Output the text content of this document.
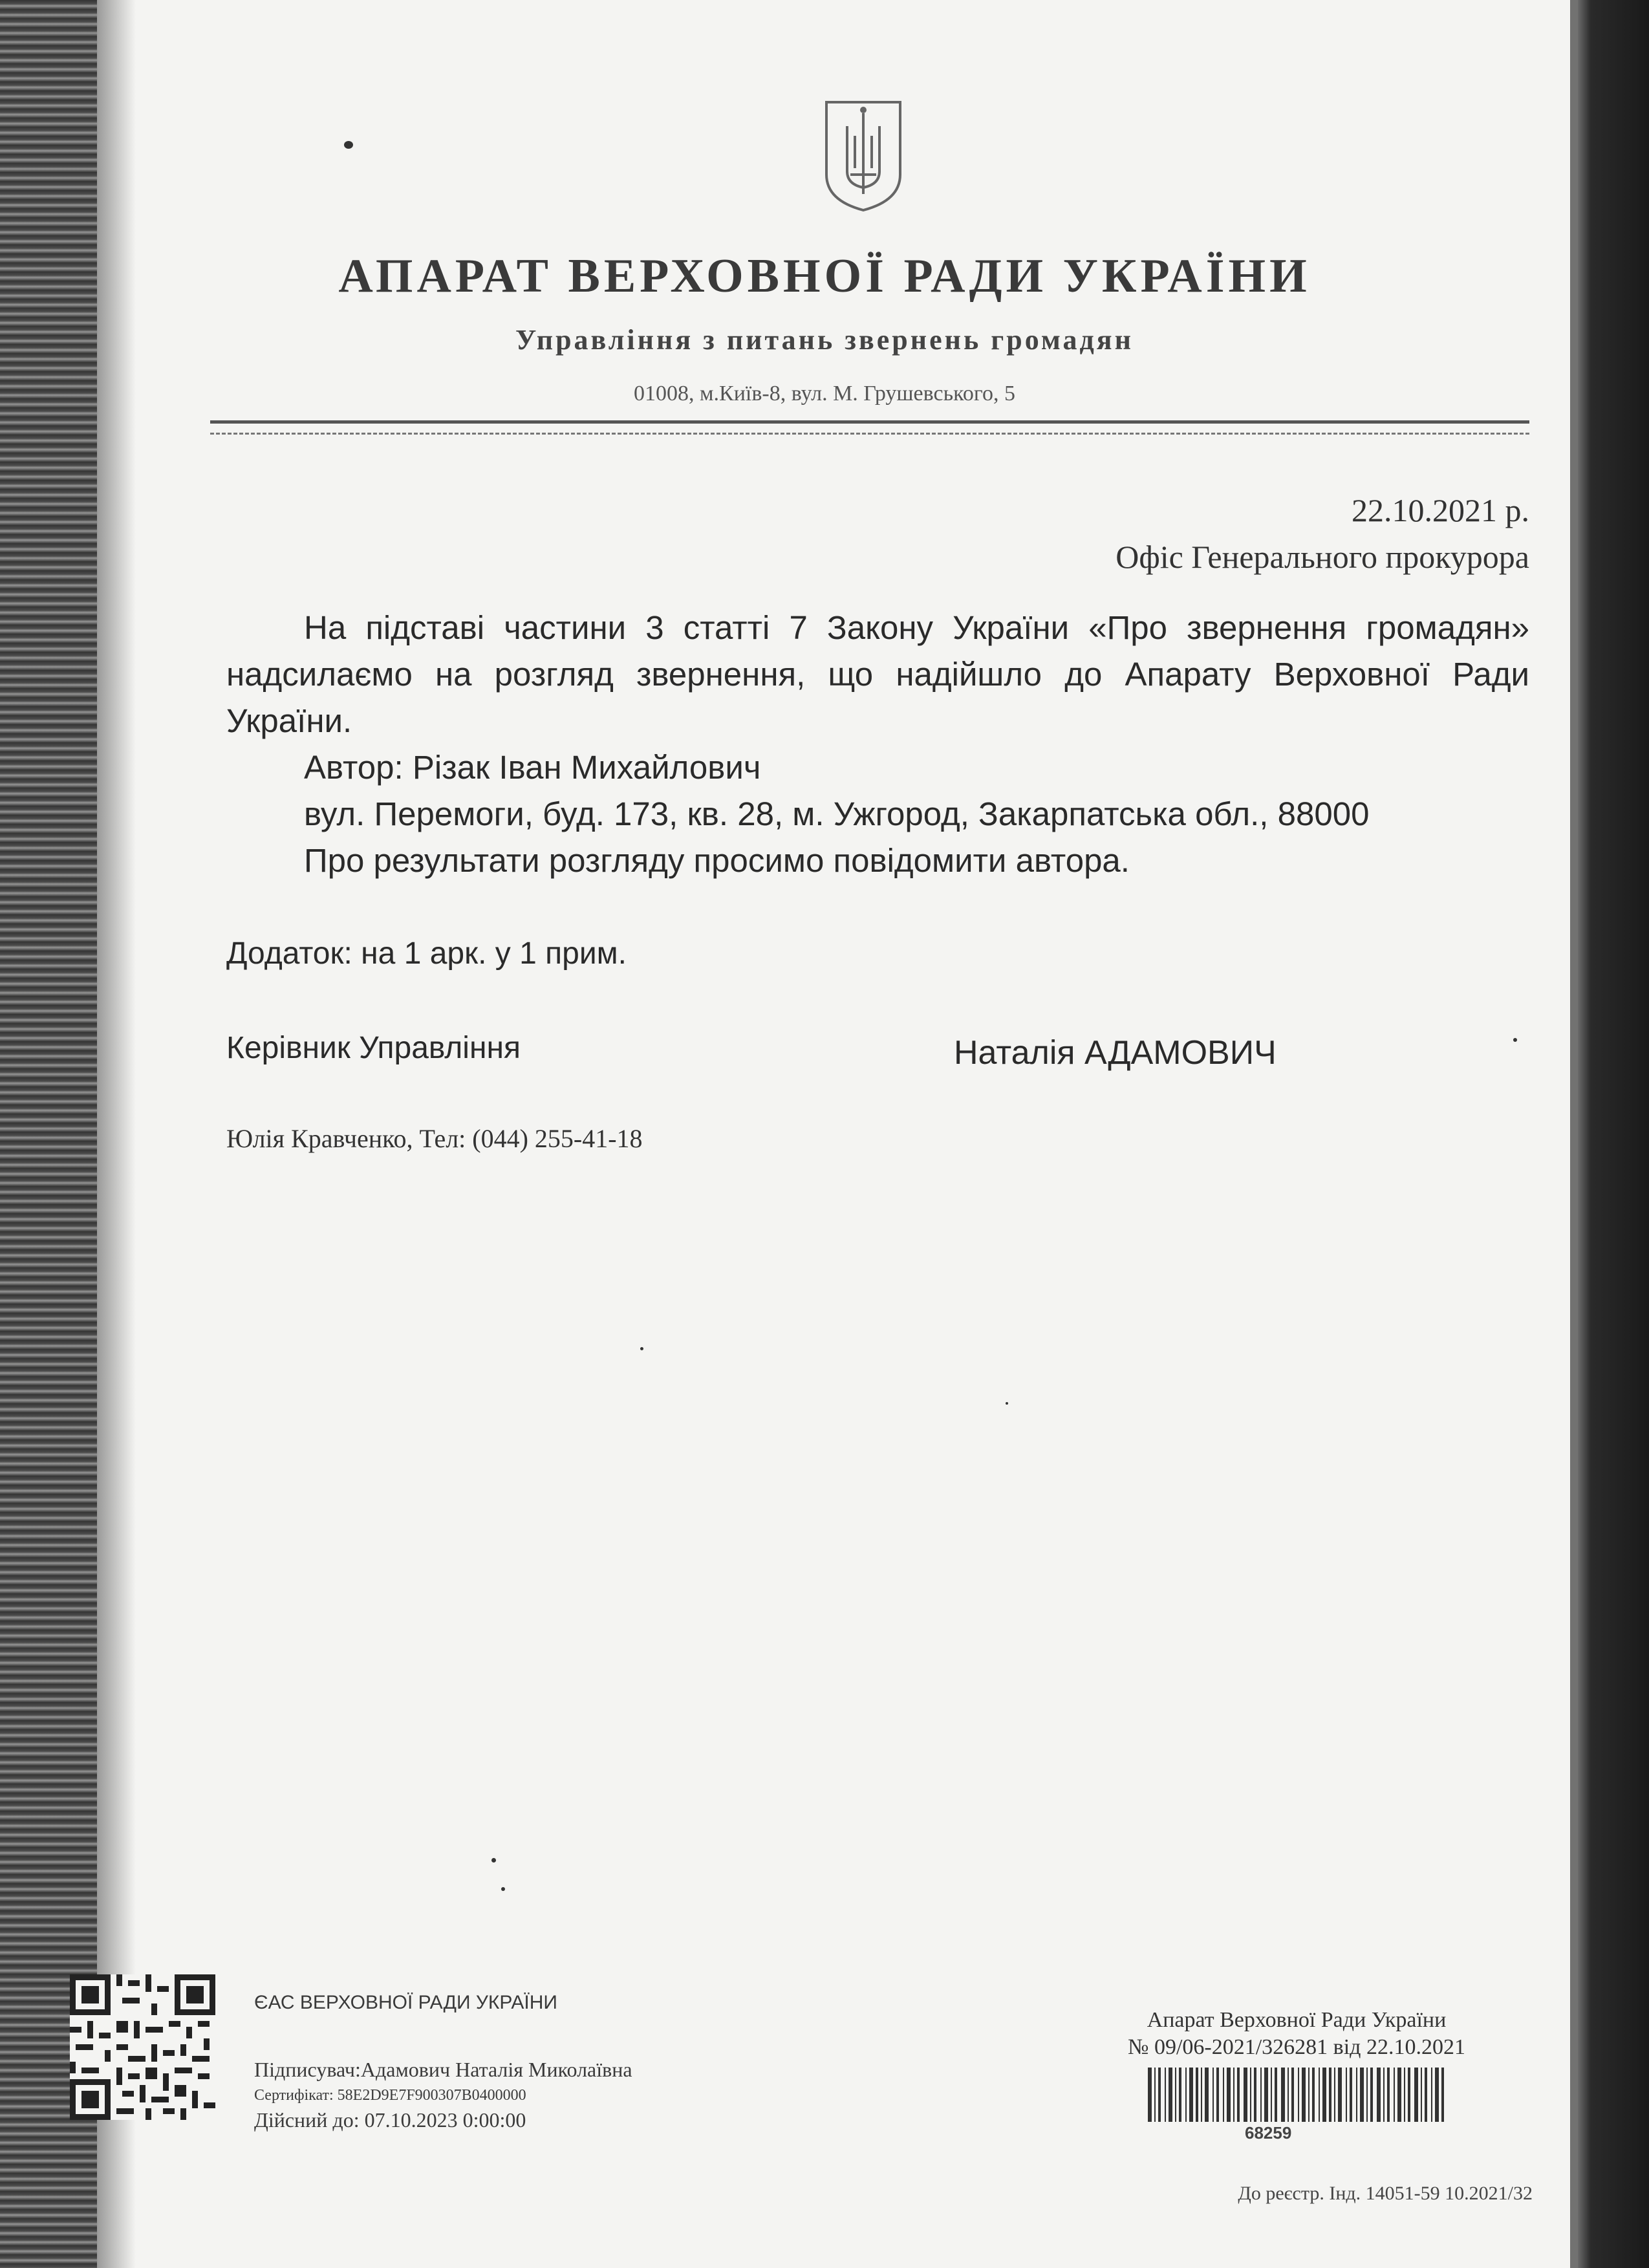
АПАРАТ ВЕРХОВНОЇ РАДИ УКРАЇНИ
Управління з питань звернень громадян
01008, м.Київ-8, вул. М. Грушевського, 5
22.10.2021 р.
Офіс Генерального прокурора

На підставі частини 3 статті 7 Закону України «Про звернення громадян» надсилаємо на розгляд звернення, що надійшло до Апарату Верховної Ради України.

Автор: Різак Іван Михайлович

вул. Перемоги, буд. 173, кв. 28, м. Ужгород, Закарпатська обл., 88000

Про результати розгляду просимо повідомити автора.

Додаток: на 1 арк. у 1 прим.
Керівник Управління	Наталія АДАМОВИЧ
Юлія Кравченко, Тел: (044) 255-41-18
ЄАС ВЕРХОВНОЇ РАДИ УКРАЇНИ
Підписувач:Адамович Наталія Миколаївна
Сертифікат: 58E2D9E7F900307B0400000
Дійсний до: 07.10.2023 0:00:00
Апарат Верховної Ради України
№ 09/06-2021/326281 від 22.10.2021
68259
До реєстр. Інд. 14051-59 10.2021/32
